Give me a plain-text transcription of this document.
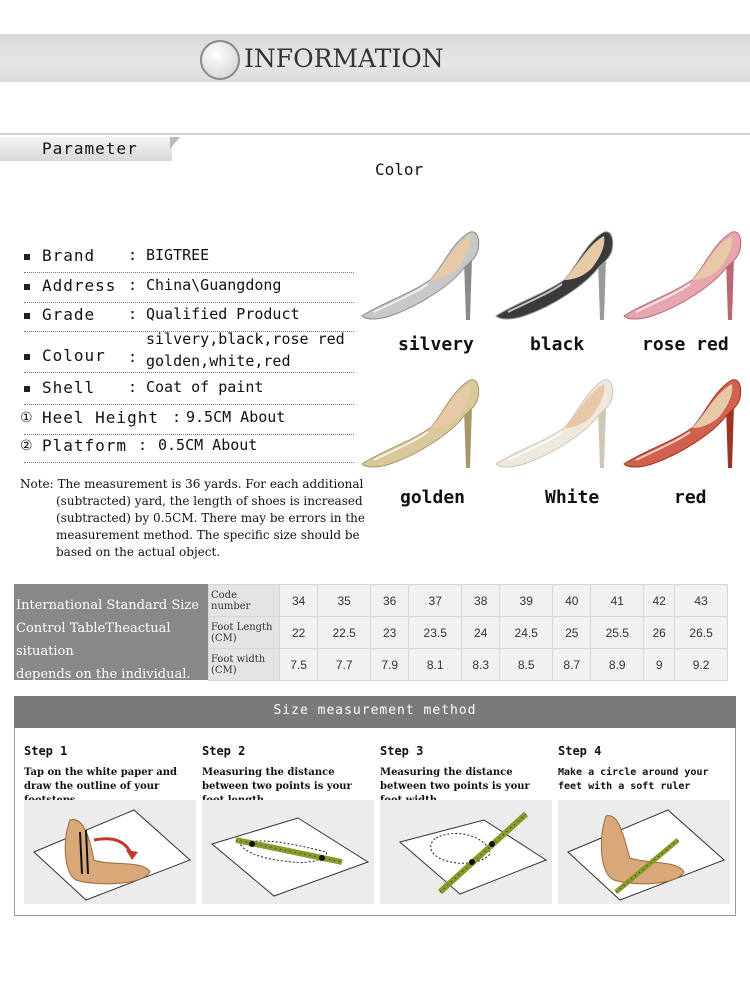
INFORMATION
Parameter
Color
Brand : BIGTREE
Address : China\Guangdong
Grade : Qualified Product
Colour :
silvery,black,rose red
golden,white,red
Shell : Coat of paint
① Heel Height : 9.5CM About
② Platform : 0.5CM About
Note: The measurement is 36 yards. For each additional
(subtracted) yard, the length of shoes is increased
(subtracted) by 0.5CM. There may be errors in the
measurement method. The specific size should be
based on the actual object.
silvery	black	rose red
golden	White	red
International Standard Size
Control TableTheactual situation
depends on the individual.
Code number	34	35	36	37	38	39	40	41	42	43
Foot Length (CM)	22	22.5	23	23.5	24	24.5	25	25.5	26	26.5
Foot width (CM)	7.5	7.7	7.9	8.1	8.3	8.5	8.7	8.9	9	9.2
Size measurement method
Step 1
Tap on the white paper and draw the outline of your footsteps
Step 2
Measuring the distance between two points is your foot length.
Step 3
Measuring the distance between two points is your foot width.
Step 4
Make a circle around your feet with a soft ruler
